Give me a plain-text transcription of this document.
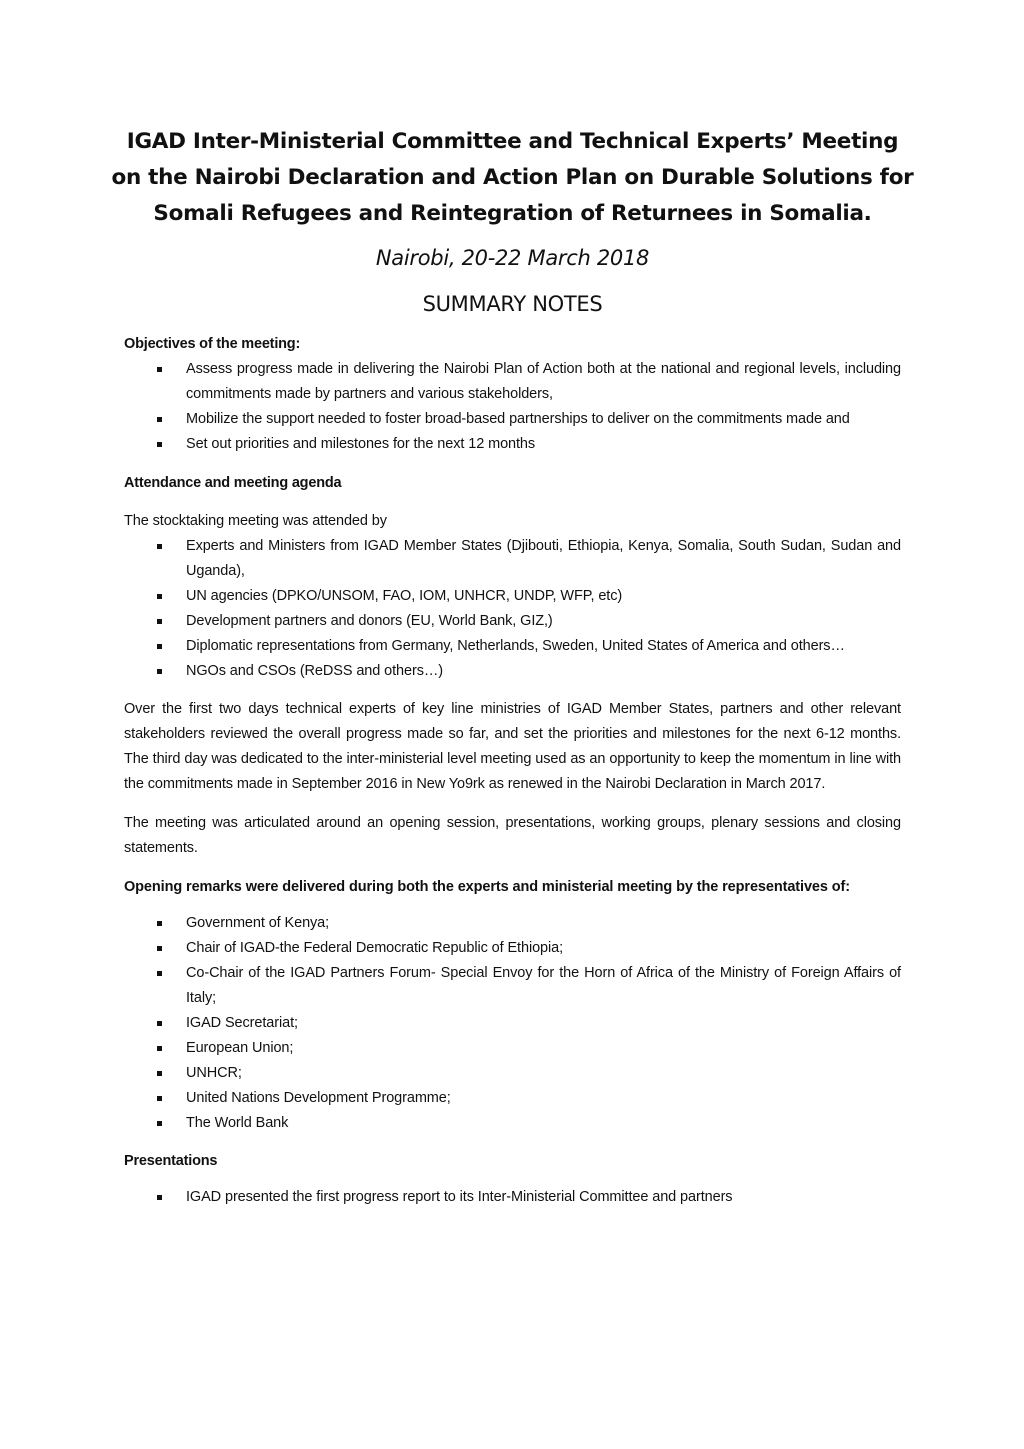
IGAD Inter-Ministerial Committee and Technical Experts’ Meeting
on the Nairobi Declaration and Action Plan on Durable Solutions for
Somali Refugees and Reintegration of Returnees in Somalia.
Nairobi, 20-22 March 2018
SUMMARY NOTES
Objectives of the meeting:
Assess progress made in delivering the Nairobi Plan of Action both at the national and regional levels, including commitments made by partners and various stakeholders,
Mobilize the support needed to foster broad-based partnerships to deliver on the commitments made and
Set out priorities and milestones for the next 12 months
Attendance and meeting agenda
The stocktaking meeting was attended by
Experts and Ministers from IGAD Member States (Djibouti, Ethiopia, Kenya, Somalia, South Sudan, Sudan and Uganda),
UN agencies (DPKO/UNSOM, FAO, IOM, UNHCR, UNDP, WFP, etc)
Development partners and donors (EU, World Bank, GIZ,)
Diplomatic representations from Germany, Netherlands, Sweden, United States of America and others…
NGOs and CSOs (ReDSS and others…)
Over the first two days technical experts of key line ministries of IGAD Member States, partners and other relevant stakeholders reviewed the overall progress made so far, and set the priorities and milestones for the next 6-12 months. The third day was dedicated to the inter-ministerial level meeting used as an opportunity to keep the momentum in line with the commitments made in September 2016 in New Yo9rk as renewed in the Nairobi Declaration in March 2017.
The meeting was articulated around an opening session, presentations, working groups, plenary sessions and closing statements.
Opening remarks were delivered during both the experts and ministerial meeting by the representatives of:
Government of Kenya;
Chair of IGAD-the Federal Democratic Republic of Ethiopia;
Co-Chair of the IGAD Partners Forum- Special Envoy for the Horn of Africa of the Ministry of Foreign Affairs of Italy;
IGAD Secretariat;
European Union;
UNHCR;
United Nations Development Programme;
The World Bank
Presentations
IGAD presented the first progress report to its Inter-Ministerial Committee and partners
